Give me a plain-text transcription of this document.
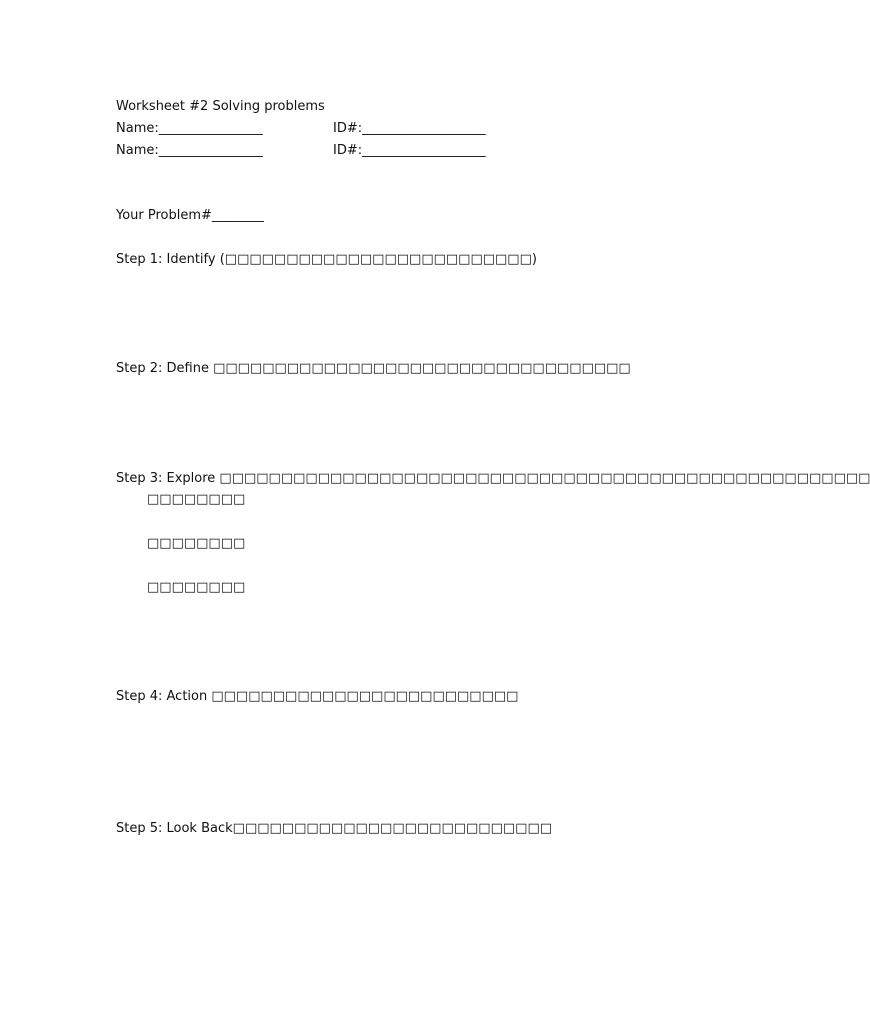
Worksheet #2 Solving problems
Name:________________	ID#:___________________
Name:________________	ID#:___________________
Your Problem#________
Step 1: Identify (□□□□□□□□□□□□□□□□□□□□□□□□□)
Step 2: Define □□□□□□□□□□□□□□□□□□□□□□□□□□□□□□□□□□
Step 3: Explore □□□□□□□□□□□□□□□□□□□□□□□□□□□□□□□□□□□□□□□□□□□□□□□□□□□□□
□□□□□□□□
□□□□□□□□
□□□□□□□□
Step 4: Action □□□□□□□□□□□□□□□□□□□□□□□□□
Step 5: Look Back□□□□□□□□□□□□□□□□□□□□□□□□□□
